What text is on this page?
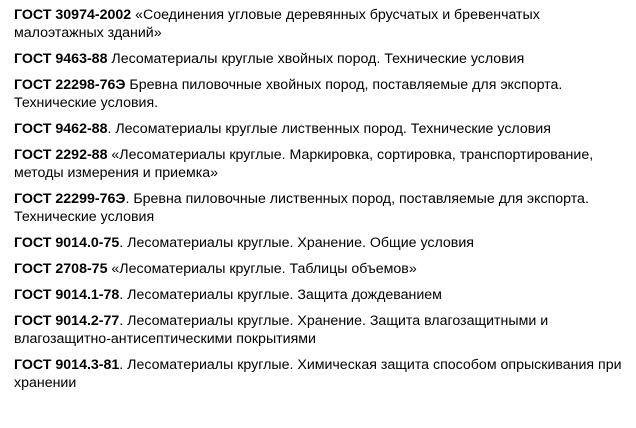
ГОСТ 30974-2002 «Соединения угловые деревянных брусчатых и бревенчатых малоэтажных зданий»

ГОСТ 9463-88 Лесоматериалы круглые хвойных пород. Технические условия

ГОСТ 22298-76Э Бревна пиловочные хвойных пород, поставляемые для экспорта. Технические условия.

ГОСТ 9462-88. Лесоматериалы круглые лиственных пород. Технические условия

ГОСТ 2292-88 «Лесоматериалы круглые. Маркировка, сортировка, транспортирование, методы измерения и приемка»

ГОСТ 22299-76Э. Бревна пиловочные лиственных пород, поставляемые для экспорта. Технические условия

ГОСТ 9014.0-75. Лесоматериалы круглые. Хранение. Общие условия

ГОСТ 2708-75 «Лесоматериалы круглые. Таблицы объемов»

ГОСТ 9014.1-78. Лесоматериалы круглые. Защита дождеванием

ГОСТ 9014.2-77. Лесоматериалы круглые. Хранение. Защита влагозащитными и влагозащитно-антисептическими покрытиями

ГОСТ 9014.3-81. Лесоматериалы круглые. Химическая защита способом опрыскивания при хранении
